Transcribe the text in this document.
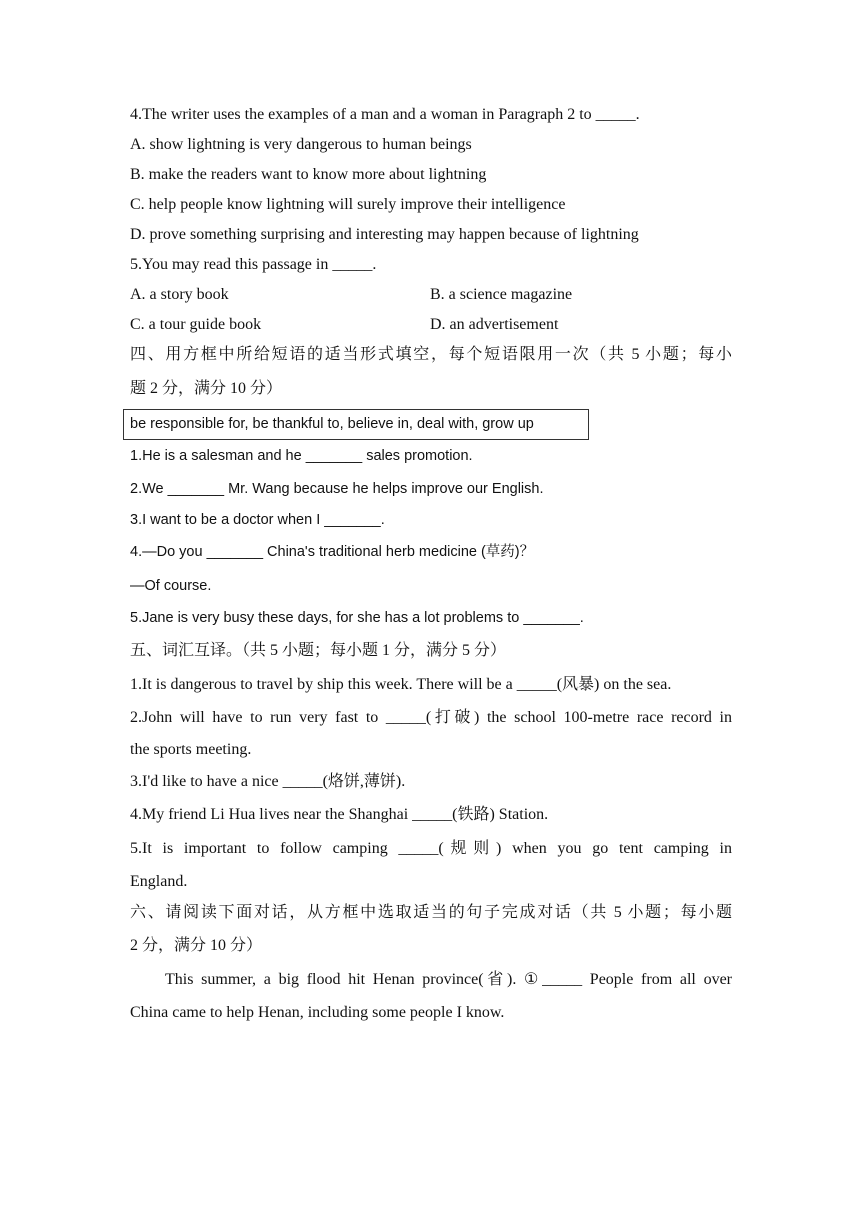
4.The writer uses the examples of a man and a woman in Paragraph 2 to _____.
A. show lightning is very dangerous to human beings
B. make the readers want to know more about lightning
C. help people know lightning will surely improve their intelligence
D. prove something surprising and interesting may happen because of lightning
5.You may read this passage in _____.
A. a story book	B. a science magazine
C. a tour guide book	D. an advertisement
四、用方框中所给短语的适当形式填空，每个短语限用一次（共 5 小题；每小
题 2 分，满分 10 分）
be responsible for, be thankful to, believe in, deal with, grow up
1.He is a salesman and he _______ sales promotion.
2.We _______ Mr. Wang because he helps improve our English.
3.I want to be a doctor when I _______.
4.—Do you _______ China's traditional herb medicine (草药)？
—Of course.
5.Jane is very busy these days, for she has a lot problems to _______.
五、词汇互译。（共 5 小题；每小题 1 分，满分 5 分）
1.It is dangerous to travel by ship this week. There will be a _____(风暴) on the sea.
2.John will have to run very fast to _____(打破) the school 100-metre race record in
the sports meeting.
3.I'd like to have a nice _____(烙饼,薄饼).
4.My friend Li Hua lives near the Shanghai _____(铁路) Station.
5.It is important to follow camping _____(规则) when you go tent camping in
England.
六、请阅读下面对话，从方框中选取适当的句子完成对话（共 5 小题；每小题
2 分，满分 10 分）
This summer, a big flood hit Henan province(省). ①_____ People from all over
China came to help Henan, including some people I know.
